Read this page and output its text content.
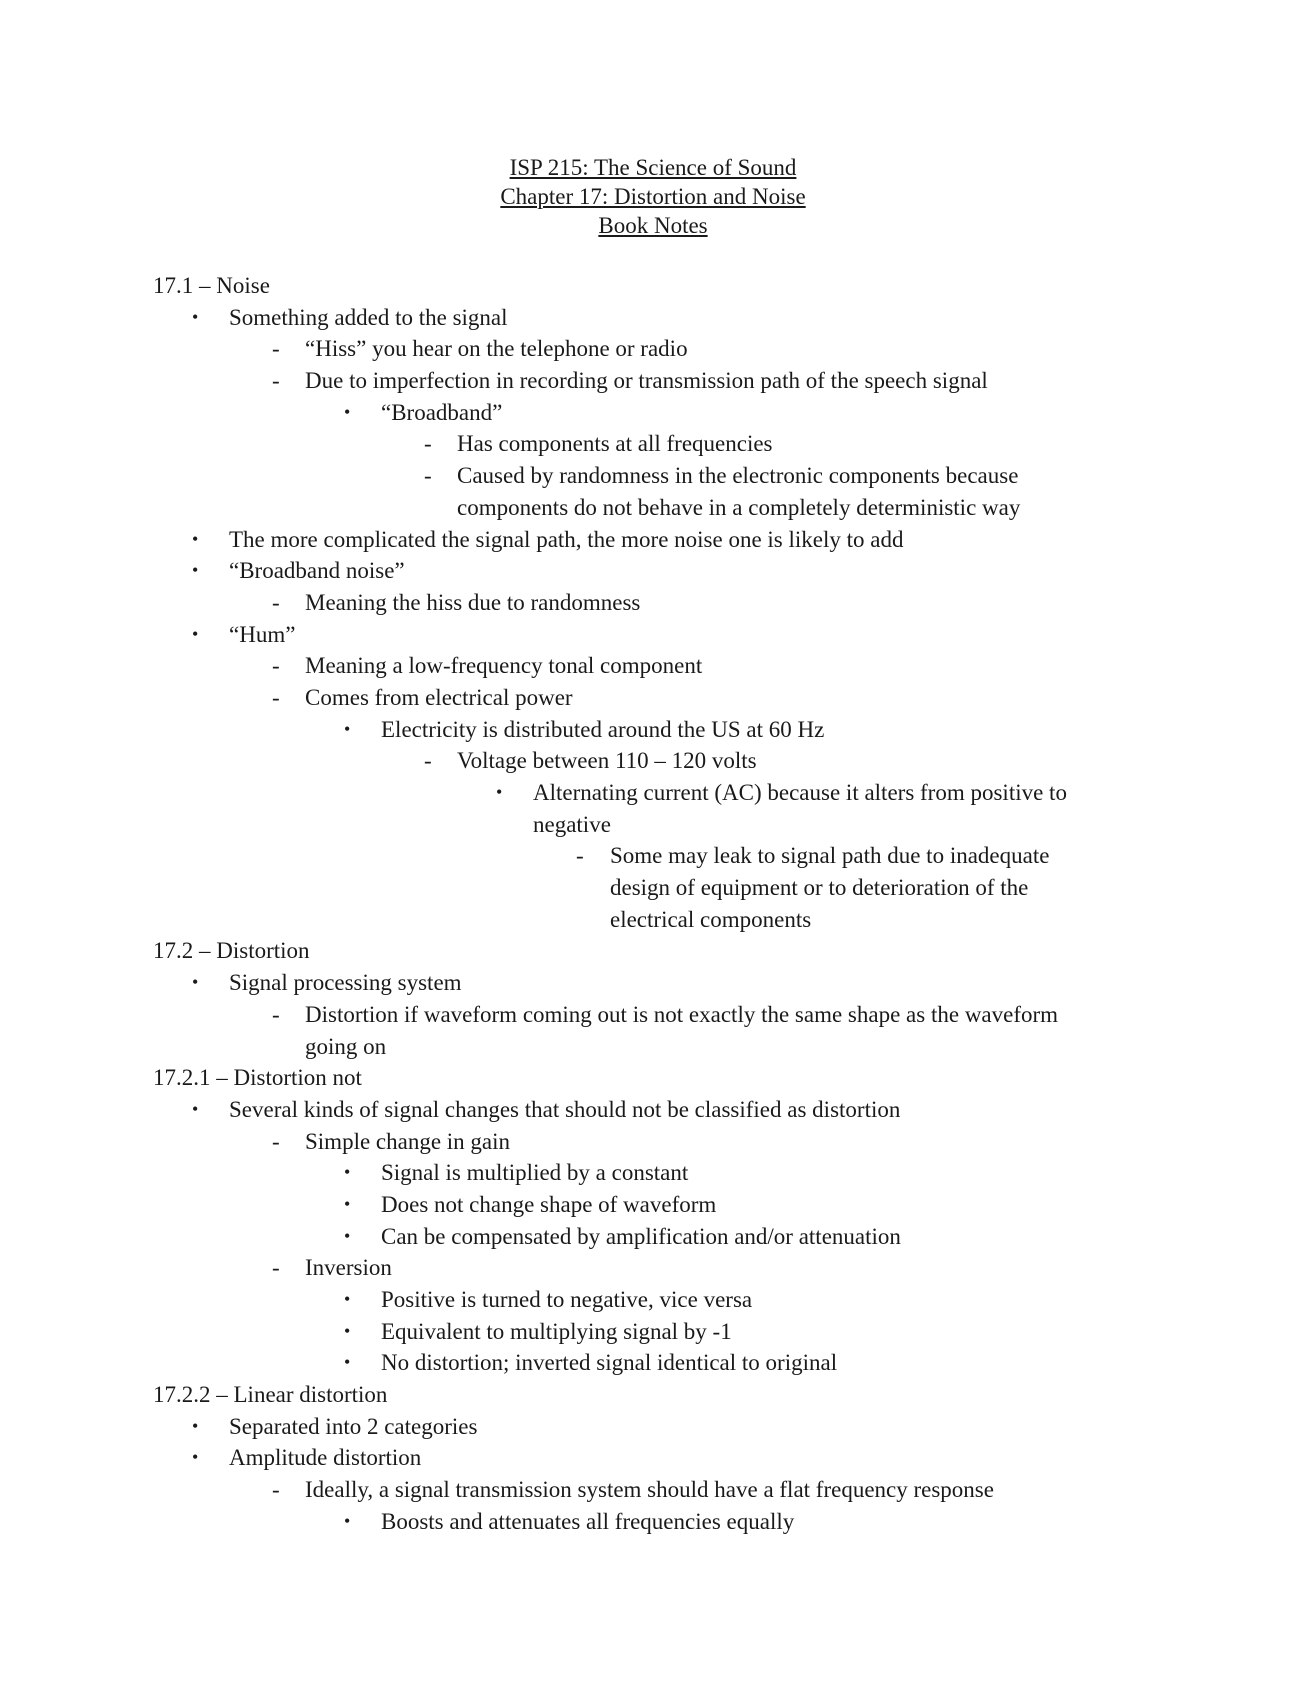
ISP 215: The Science of Sound
Chapter 17: Distortion and Noise
Book Notes
17.1 – Noise
• Something added to the signal
- “Hiss” you hear on the telephone or radio
- Due to imperfection in recording or transmission path of the speech signal
• “Broadband”
- Has components at all frequencies
- Caused by randomness in the electronic components because
components do not behave in a completely deterministic way
• The more complicated the signal path, the more noise one is likely to add
• “Broadband noise”
- Meaning the hiss due to randomness
• “Hum”
- Meaning a low-frequency tonal component
- Comes from electrical power
• Electricity is distributed around the US at 60 Hz
- Voltage between 110 – 120 volts
• Alternating current (AC) because it alters from positive to
negative
- Some may leak to signal path due to inadequate
design of equipment or to deterioration of the
electrical components
17.2 – Distortion
• Signal processing system
- Distortion if waveform coming out is not exactly the same shape as the waveform
going on
17.2.1 – Distortion not
• Several kinds of signal changes that should not be classified as distortion
- Simple change in gain
• Signal is multiplied by a constant
• Does not change shape of waveform
• Can be compensated by amplification and/or attenuation
- Inversion
• Positive is turned to negative, vice versa
• Equivalent to multiplying signal by -1
• No distortion; inverted signal identical to original
17.2.2 – Linear distortion
• Separated into 2 categories
• Amplitude distortion
- Ideally, a signal transmission system should have a flat frequency response
• Boosts and attenuates all frequencies equally
